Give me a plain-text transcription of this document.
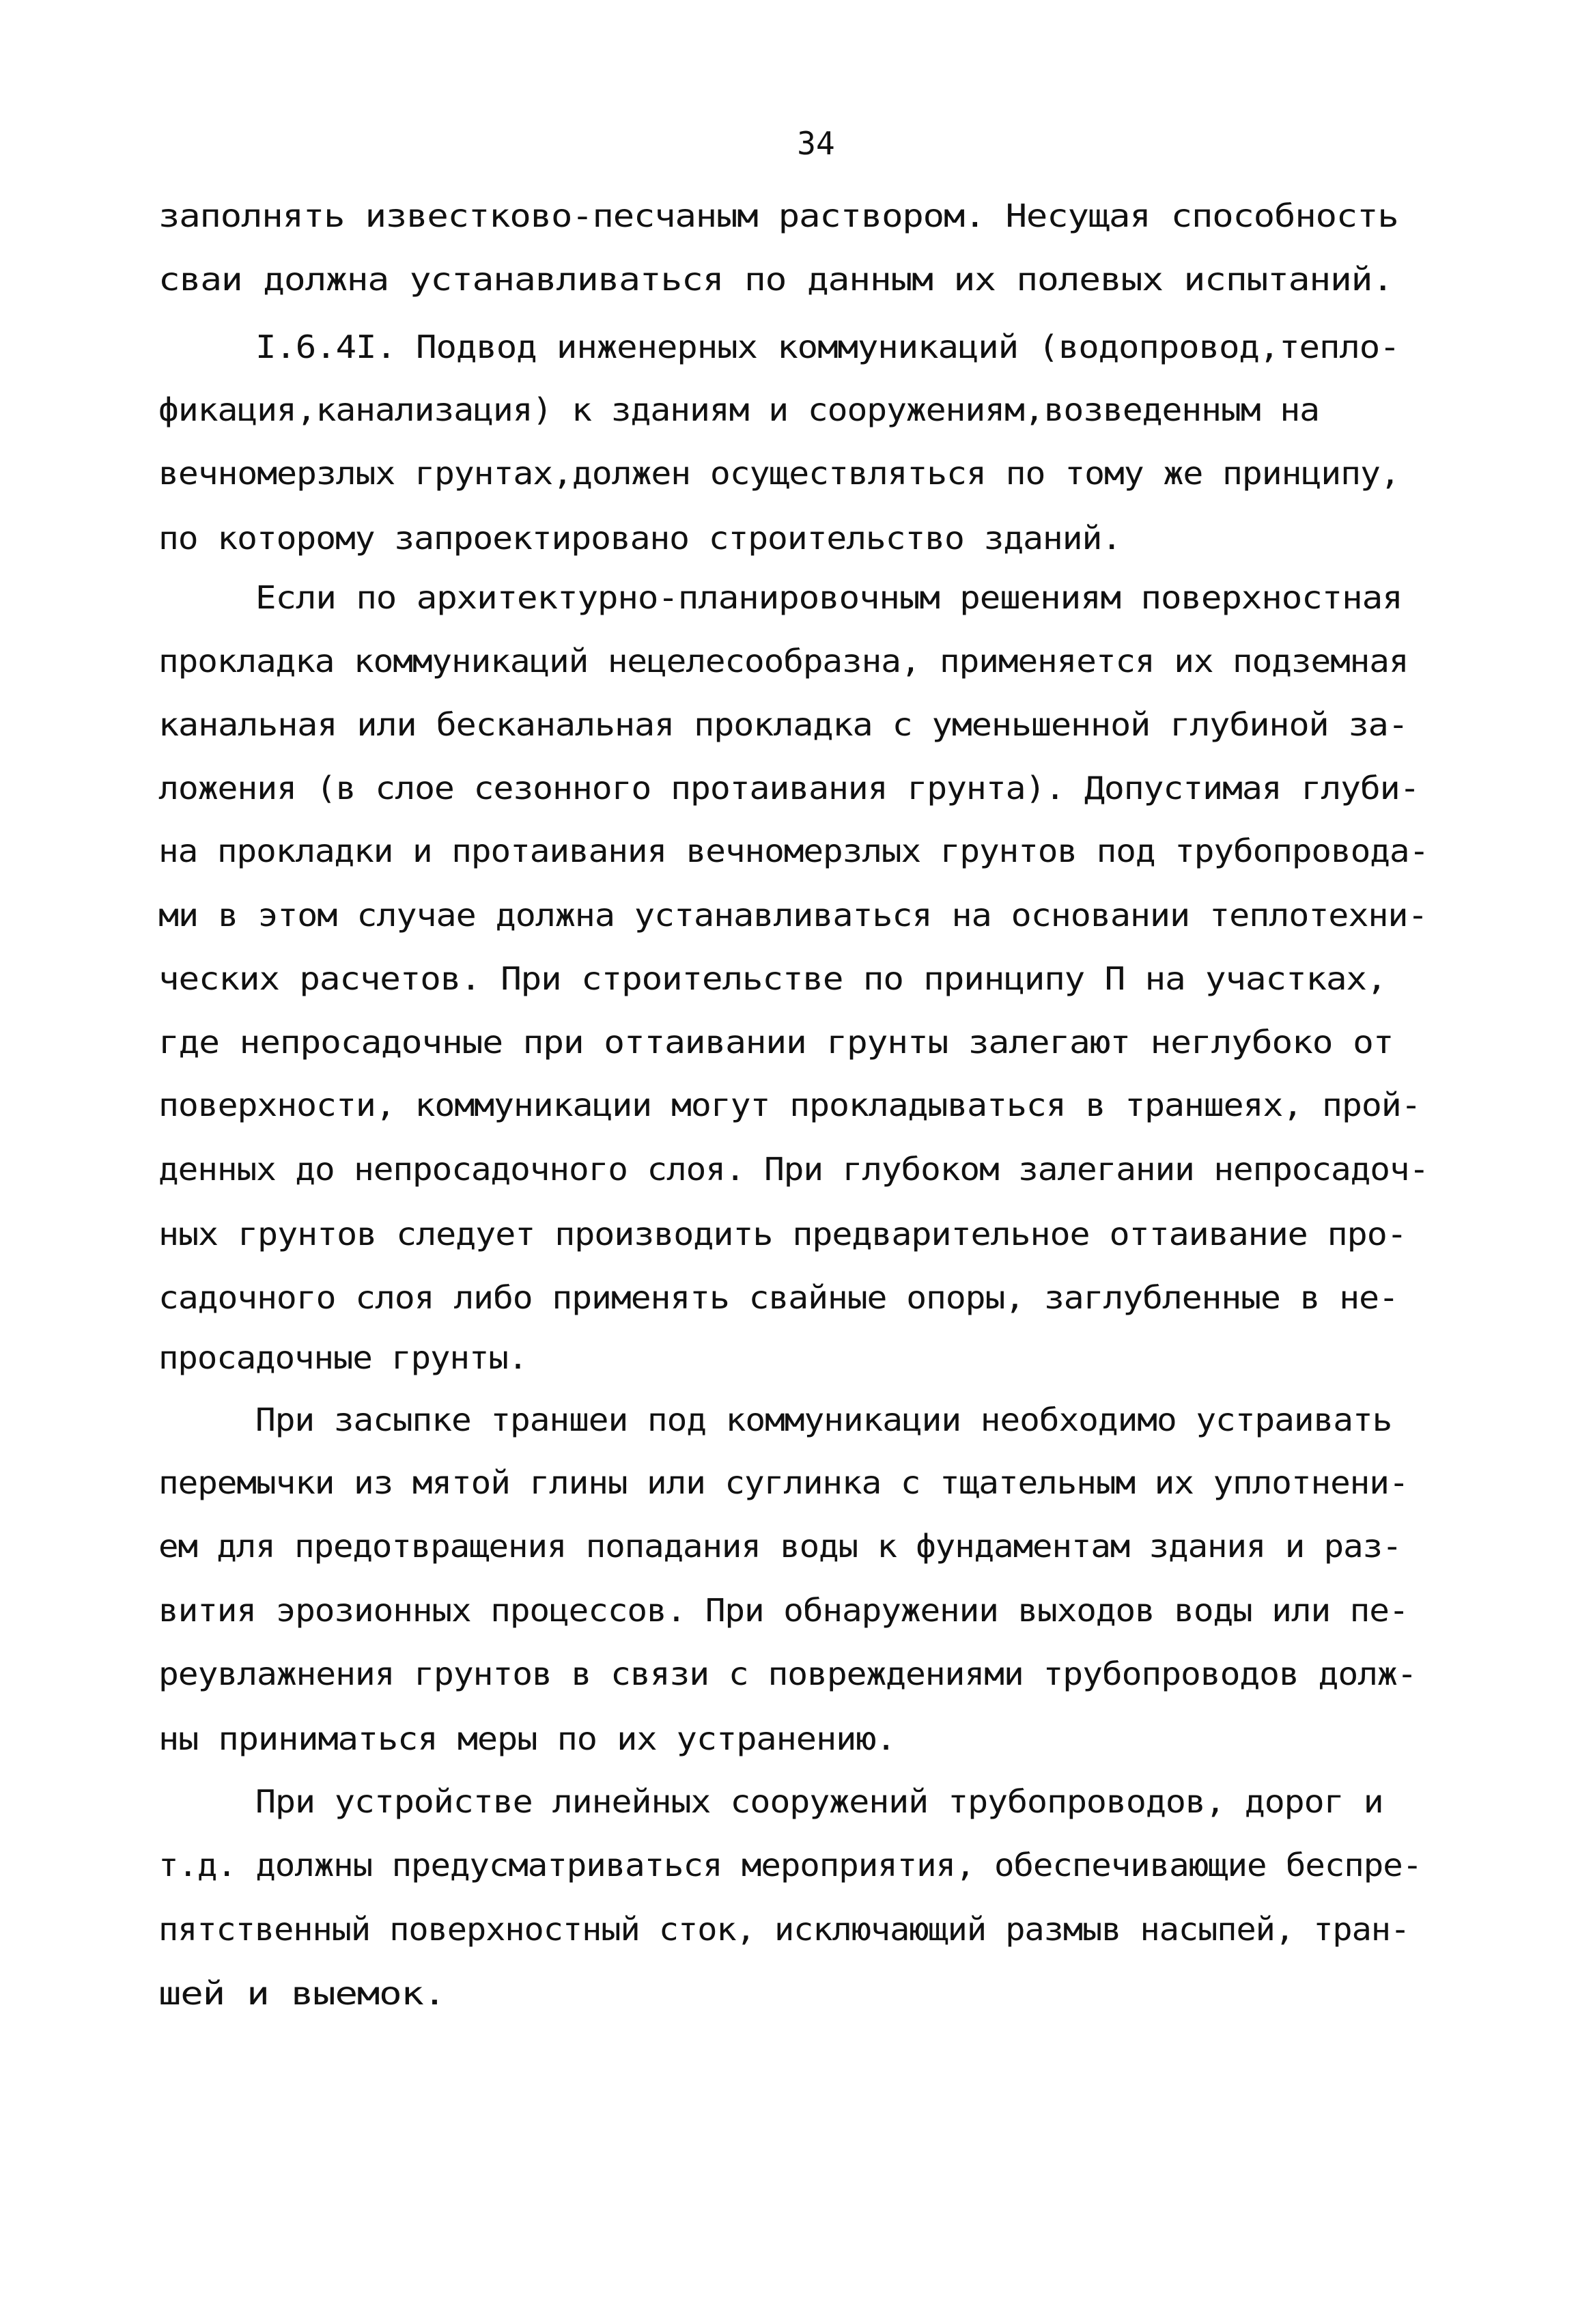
34
заполнять известково-песчаным раствором. Несущая способность
сваи должна устанавливаться по данным их полевых испытаний.
I.6.4I. Подвод инженерных коммуникаций (водопровод,тепло-
фикация,канализация) к зданиям и сооружениям,возведенным на
вечномерзлых грунтах,должен осуществляться по тому же принципу,
по которому запроектировано строительство зданий.
Если по архитектурно-планировочным решениям поверхностная
прокладка коммуникаций нецелесообразна, применяется их подземная
канальная или бесканальная прокладка с уменьшенной глубиной за-
ложения (в слое сезонного протаивания грунта). Допустимая глуби-
на прокладки и протаивания вечномерзлых грунтов под трубопровода-
ми в этом случае должна устанавливаться на основании теплотехни-
ческих расчетов. При строительстве по принципу П на участках,
где непросадочные при оттаивании грунты залегают неглубоко от
поверхности, коммуникации могут прокладываться в траншеях, прой-
денных до непросадочного слоя. При глубоком залегании непросадоч-
ных грунтов следует производить предварительное оттаивание про-
садочного слоя либо применять свайные опоры, заглубленные в не-
просадочные грунты.
При засыпке траншеи под коммуникации необходимо устраивать
перемычки из мятой глины или суглинка с тщательным их уплотнени-
ем для предотвращения попадания воды к фундаментам здания и раз-
вития эрозионных процессов. При обнаружении выходов воды или пе-
реувлажнения грунтов в связи с повреждениями трубопроводов долж-
ны приниматься меры по их устранению.
При устройстве линейных сооружений трубопроводов, дорог и
т.д. должны предусматриваться мероприятия, обеспечивающие беспре-
пятственный поверхностный сток, исключающий размыв насыпей, тран-
шей и выемок.
